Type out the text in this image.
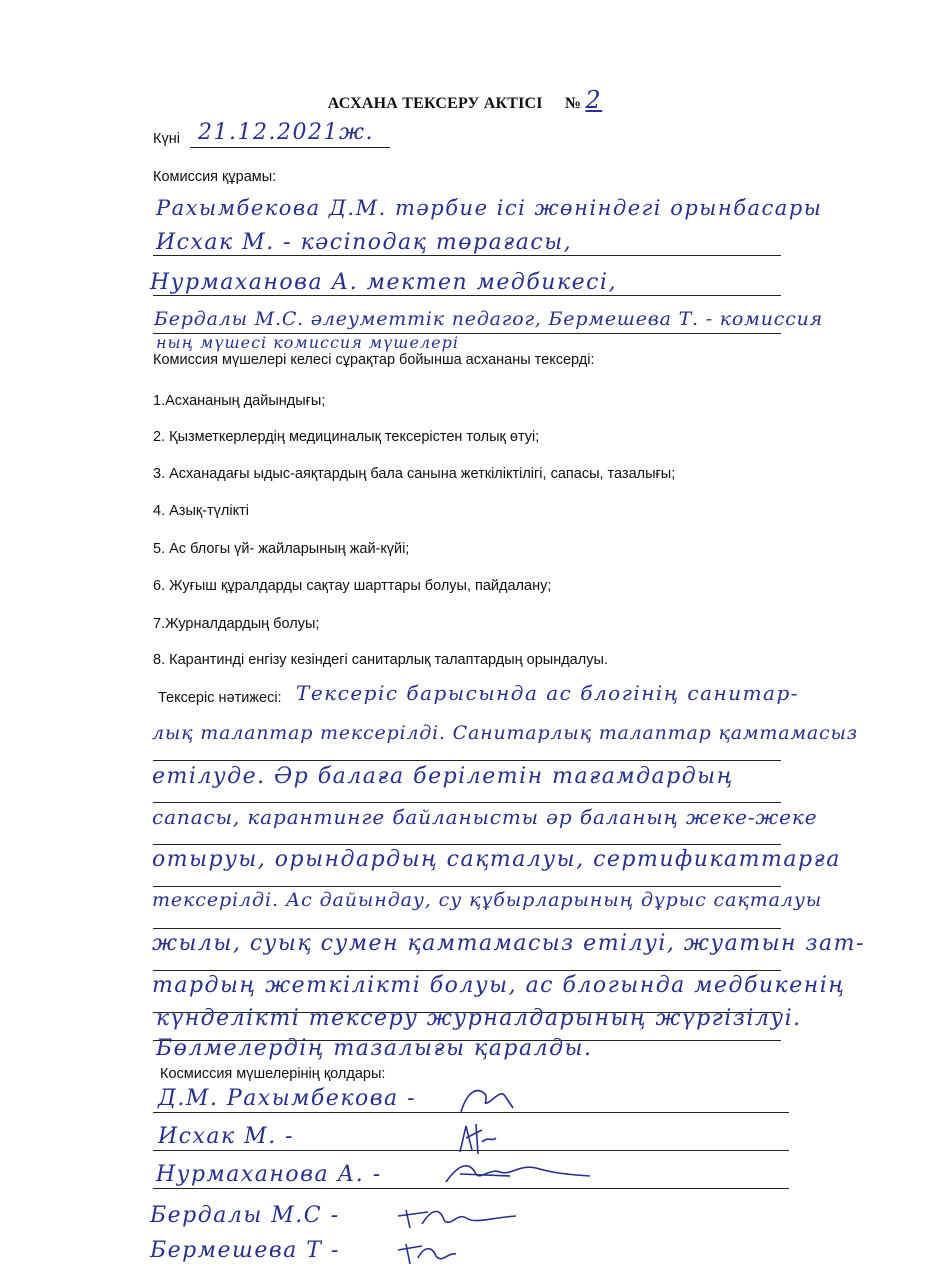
АСХАНА ТЕКСЕРУ АКТІСІ № 2
Күні 21.12.2021ж.
Комиссия құрамы:
Рахымбекова Д.М. тәрбие ісі жөніндегі орынбасары
Исхак М. - кәсіподақ төрағасы,
Нурмаханова А. мектеп медбикесі,
Бердалы М.С. әлеуметтік педагог, Бермешева Т. - комиссия
ның мүшесі комиссия мүшелері
Комиссия мүшелері келесі сұрақтар бойынша асхананы тексерді:
1.Асхананың дайындығы;
2. Қызметкерлердің медициналық тексерістен толық өтуі;
3. Асханадағы ыдыс-аяқтардың бала санына жеткіліктілігі, сапасы, тазалығы;
4. Азық-түлікті
5. Ас блогы үй- жайларының жай-күйі;
6. Жуғыш құралдарды сақтау шарттары болуы, пайдалану;
7.Журналдардың болуы;
8. Карантинді енгізу кезіндегі санитарлық талаптардың орындалуы.
Тексеріс нәтижесі: Тексеріс барысында ас блогінің санитар-
лық талаптар тексерілді. Санитарлық талаптар қамтамасыз
етілуде. Әр балаға берілетін тағамдардың
сапасы, карантинге байланысты әр баланың жеке-жеке
отыруы, орындардың сақталуы, сертификаттарға
тексерілді. Ас дайындау, су құбырларының дұрыс сақталуы
жылы, суық сумен қамтамасыз етілуі, жуатын зат-
тардың жеткілікті болуы, ас блогында медбикенің
күнделікті тексеру журналдарының жүргізілуі.
Бөлмелердің тазалығы қаралды.
Космиссия мүшелерінің қолдары:
Д.М. Рахымбекова -
Исхак М. -
Нурмаханова А. -
Бердалы М.С -
Бермешева Т -
